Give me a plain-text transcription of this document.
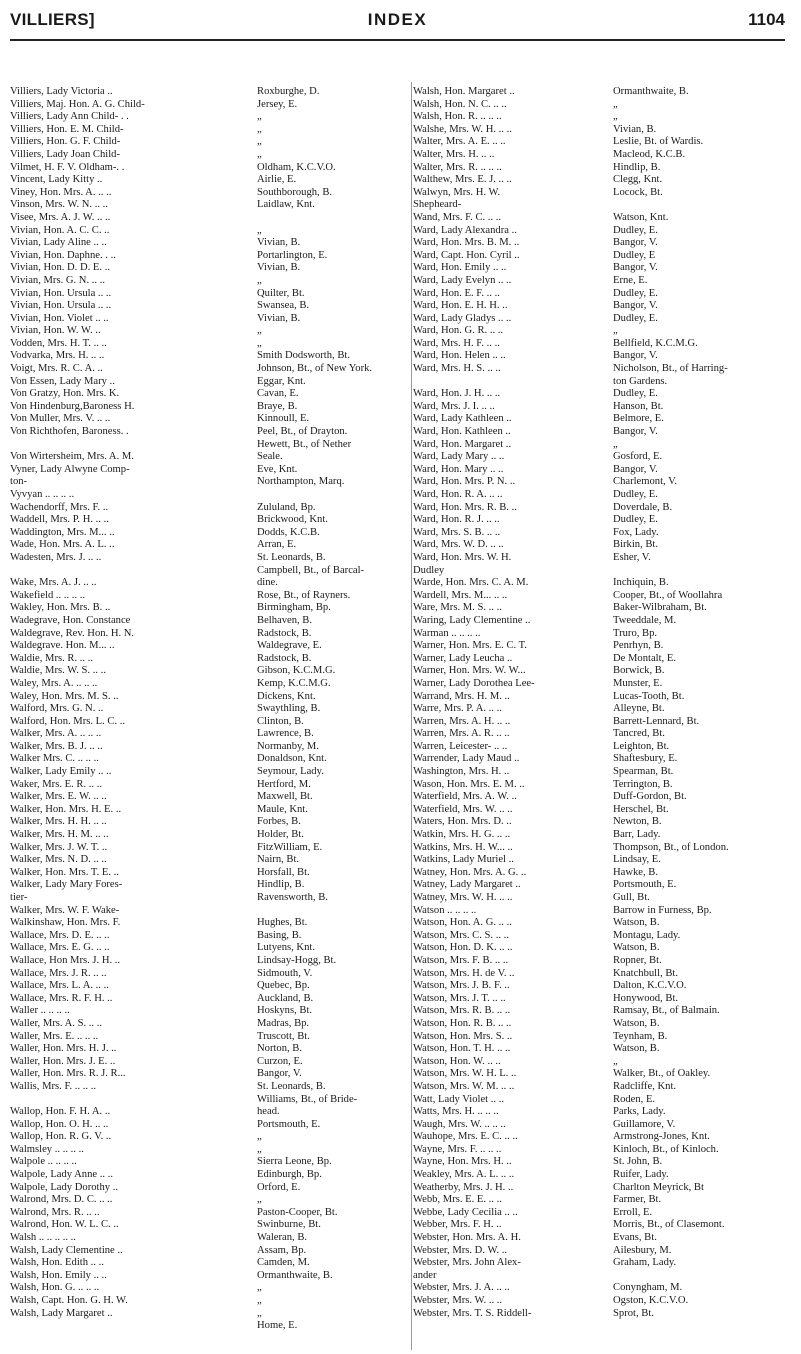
VILLIERS]	INDEX	1104
Villiers, Lady Victoria ..
Villiers, Maj. Hon. A. G. Child-
Villiers, Lady Ann Child- . .
Villiers, Hon. E. M. Child-
Villiers, Hon. G. F. Child-
Villiers, Lady Joan Child-
Vilmet, H. F. V. Oldham-. .
Vincent, Lady Kitty ..
Viney, Hon. Mrs. A. .. ..
Vinson, Mrs. W. N. .. ..
Visee, Mrs. A. J. W. .. ..
Vivian, Hon. A. C. C. ..
Vivian, Lady Aline .. ..
Vivian, Hon. Daphne. . ..
Vivian, Hon. D. D. E. ..
Vivian, Mrs. G. N. .. ..
Vivian, Hon. Ursula .. ..
Vivian, Hon. Ursula .. ..
Vivian, Hon. Violet .. ..
Vivian, Hon. W. W. ..
Vodden, Mrs. H. T. .. ..
Vodvarka, Mrs. H. .. ..
Voigt, Mrs. R. C. A. ..
Von Essen, Lady Mary ..
Von Gratzy, Hon. Mrs. K.
Von Hindenburg,Baroness H.
Von Muller, Mrs. V. .. ..
Von Richthofen, Baroness. .
Von Wirtersheim, Mrs. A. M.
Vyner, Lady Alwyne Comp-
ton-
Vyvyan .. .. .. ..
Wachendorff, Mrs. F. ..
Waddell, Mrs. P. H. .. ..
Waddington, Mrs. M... ..
Wade, Hon. Mrs. A. L. ..
Wadesten, Mrs. J. .. ..
Wake, Mrs. A. J. .. ..
Wakefield .. .. .. ..
Wakley, Hon. Mrs. B. ..
Wadegrave, Hon. Constance
Waldegrave, Rev. Hon. H. N.
Waldegrave. Hon. M... ..
Waldie, Mrs. R. .. ..
Waldie, Mrs. W. S. .. ..
Waley, Mrs. A. .. .. ..
Waley, Hon. Mrs. M. S. ..
Walford, Mrs. G. N. ..
Walford, Hon. Mrs. L. C. ..
Walker, Mrs. A. .. .. ..
Walker, Mrs. B. J. .. ..
Walker Mrs. C. .. .. ..
Walker, Lady Emily .. ..
Waker, Mrs. E. R. .. ..
Walker, Mrs. E. W. .. ..
Walker, Hon. Mrs. H. E. ..
Walker, Mrs. H. H. .. ..
Walker, Mrs. H. M. .. ..
Walker, Mrs. J. W. T. ..
Walker, Mrs. N. D. .. ..
Walker, Hon. Mrs. T. E. ..
Walker, Lady Mary Fores-
tier-
Walker, Mrs. W. F. Wake-
Walkinshaw, Hon. Mrs. F.
Wallace, Mrs. D. E. .. ..
Wallace, Mrs. E. G. .. ..
Wallace, Hon Mrs. J. H. ..
Wallace, Mrs. J. R. .. ..
Wallace, Mrs. L. A. .. ..
Wallace, Mrs. R. F. H. ..
Waller .. .. .. ..
Waller, Mrs. A. S. .. ..
Waller, Mrs. E. .. .. ..
Waller, Hon. Mrs. H. J. ..
Waller, Hon. Mrs. J. E. ..
Waller, Hon. Mrs. R. J. R...
Wallis, Mrs. F. .. .. ..
Wallop, Hon. F. H. A. ..
Wallop, Hon. O. H. .. ..
Wallop, Hon. R. G. V. ..
Walmsley .. .. .. ..
Walpole .. .. .. ..
Walpole, Lady Anne .. ..
Walpole, Lady Dorothy ..
Walrond, Mrs. D. C. .. ..
Walrond, Mrs. R. .. ..
Walrond, Hon. W. L. C. ..
Walsh .. .. .. .. ..
Walsh, Lady Clementine ..
Walsh, Hon. Edith .. ..
Walsh, Hon. Emily .. ..
Walsh, Hon. G. .. .. ..
Walsh, Capt. Hon. G. H. W.
Walsh, Lady Margaret ..
Roxburghe, D.
Jersey, E.
„
„
„
„
Oldham, K.C.V.O.
Airlie, E.
Southborough, B.
Laidlaw, Knt.
„
Vivian, B.
Portarlington, E.
Vivian, B.
„
Quilter, Bt.
Swansea, B.
Vivian, B.
„
„
Smith Dodsworth, Bt.
Johnson, Bt., of New York.
Eggar, Knt.
Cavan, E.
Braye, B.
Kinnoull, E.
Peel, Bt., of Drayton.
Hewett, Bt., of Nether
Seale.
Eve, Knt.
Northampton, Marq.
Zululand, Bp.
Brickwood, Knt.
Dodds, K.C.B.
Arran, E.
St. Leonards, B.
Campbell, Bt., of Barcal-
dine.
Rose, Bt., of Rayners.
Birmingham, Bp.
Belhaven, B.
Radstock, B.
Waldegrave, E.
Radstock, B.
Gibson, K.C.M.G.
Kemp, K.C.M.G.
Dickens, Knt.
Swaythling, B.
Clinton, B.
Lawrence, B.
Normanby, M.
Donaldson, Knt.
Seymour, Lady.
Hertford, M.
Maxwell, Bt.
Maule, Knt.
Forbes, B.
Holder, Bt.
FitzWilliam, E.
Nairn, Bt.
Horsfall, Bt.
Hindlip, B.
Ravensworth, B.
Hughes, Bt.
Basing, B.
Lutyens, Knt.
Lindsay-Hogg, Bt.
Sidmouth, V.
Quebec, Bp.
Auckland, B.
Hoskyns, Bt.
Madras, Bp.
Truscott, Bt.
Norton, B.
Curzon, E.
Bangor, V.
St. Leonards, B.
Williams, Bt., of Bride-
head.
Portsmouth, E.
„
„
Sierra Leone, Bp.
Edinburgh, Bp.
Orford, E.
„
Paston-Cooper, Bt.
Swinburne, Bt.
Waleran, B.
Assam, Bp.
Camden, M.
Ormanthwaite, B.
„
„
„
Home, E.
Walsh, Hon. Margaret ..
Walsh, Hon. N. C. .. ..
Walsh, Hon. R. .. .. ..
Walshe, Mrs. W. H. .. ..
Walter, Mrs. A. E. .. ..
Walter, Mrs. H. .. ..
Walter, Mrs. R. .. .. ..
Walthew, Mrs. E. J. .. ..
Walwyn, Mrs. H. W.
Shepheard-
Wand, Mrs. F. C. .. ..
Ward, Lady Alexandra ..
Ward, Hon. Mrs. B. M. ..
Ward, Capt. Hon. Cyril ..
Ward, Hon. Emily .. ..
Ward, Lady Evelyn .. ..
Ward, Hon. E. F. .. ..
Ward, Hon. E. H. H. ..
Ward, Lady Gladys .. ..
Ward, Hon. G. R. .. ..
Ward, Mrs. H. F. .. ..
Ward, Hon. Helen .. ..
Ward, Mrs. H. S. .. ..
Ward, Hon. J. H. .. ..
Ward, Mrs. J. I. .. ..
Ward, Lady Kathleen ..
Ward, Hon. Kathleen ..
Ward, Hon. Margaret ..
Ward, Lady Mary .. ..
Ward, Hon. Mary .. ..
Ward, Hon. Mrs. P. N. ..
Ward, Hon. R. A. .. ..
Ward, Hon. Mrs. R. B. ..
Ward, Hon. R. J. .. ..
Ward, Mrs. S. B. .. ..
Ward, Mrs. W. D. .. ..
Ward, Hon. Mrs. W. H.
Dudley
Warde, Hon. Mrs. C. A. M.
Wardell, Mrs. M... .. ..
Ware, Mrs. M. S. .. ..
Waring, Lady Clementine ..
Warman .. .. .. ..
Warner, Hon. Mrs. E. C. T.
Warner, Lady Leucha ..
Warner, Hon. Mrs. W. W...
Warner, Lady Dorothea Lee-
Warrand, Mrs. H. M. ..
Warre, Mrs. P. A. .. ..
Warren, Mrs. A. H. .. ..
Warren, Mrs. A. R. .. ..
Warren, Leicester- .. ..
Warrender, Lady Maud ..
Washington, Mrs. H. ..
Wason, Hon. Mrs. E. M. ..
Waterfield, Mrs. A. W. ..
Waterfield, Mrs. W. .. ..
Waters, Hon. Mrs. D. ..
Watkin, Mrs. H. G. .. ..
Watkins, Mrs. H. W... ..
Watkins, Lady Muriel ..
Watney, Hon. Mrs. A. G. ..
Watney, Lady Margaret ..
Watney, Mrs. W. H. .. ..
Watson .. .. .. ..
Watson, Hon. A. G. .. ..
Watson, Mrs. C. S. .. ..
Watson, Hon. D. K. .. ..
Watson, Mrs. F. B. .. ..
Watson, Mrs. H. de V. ..
Watson, Mrs. J. B. F. ..
Watson, Mrs. J. T. .. ..
Watson, Mrs. R. B. .. ..
Watson, Hon. R. B. .. ..
Watson, Hon. Mrs. S. ..
Watson, Hon. T. H. .. ..
Watson, Hon. W. .. ..
Watson, Mrs. W. H. L. ..
Watson, Mrs. W. M. .. ..
Watt, Lady Violet .. ..
Watts, Mrs. H. .. .. ..
Waugh, Mrs. W. .. .. ..
Wauhope, Mrs. E. C. .. ..
Wayne, Mrs. F. .. .. ..
Wayne, Hon. Mrs. H. ..
Weakley, Mrs. A. L. .. ..
Weatherby, Mrs. J. H. ..
Webb, Mrs. E. E. .. ..
Webbe, Lady Cecilia .. ..
Webber, Mrs. F. H. ..
Webster, Hon. Mrs. A. H.
Webster, Mrs. D. W. ..
Webster, Mrs. John Alex-
ander
Webster, Mrs. J. A. .. ..
Webster, Mrs. W. .. ..
Webster, Mrs. T. S. Riddell-
Ormanthwaite, B.
„
„
Vivian, B.
Leslie, Bt. of Wardis.
Macleod, K.C.B.
Hindlip, B.
Clegg, Knt.
Locock, Bt.
Watson, Knt.
Dudley, E.
Bangor, V.
Dudley, E
Bangor, V.
Erne, E.
Dudley, E.
Bangor, V.
Dudley, E.
„
Bellfield, K.C.M.G.
Bangor, V.
Nicholson, Bt., of Harring-
ton Gardens.
Dudley, E.
Hanson, Bt.
Belmore, E.
Bangor, V.
„
Gosford, E.
Bangor, V.
Charlemont, V.
Dudley, E.
Doverdale, B.
Dudley, E.
Fox, Lady.
Birkin, Bt.
Esher, V.
Inchiquin, B.
Cooper, Bt., of Woollahra
Baker-Wilbraham, Bt.
Tweeddale, M.
Truro, Bp.
Penrhyn, B.
De Montalt, E.
Borwick, B.
Munster, E.
Lucas-Tooth, Bt.
Alleyne, Bt.
Barrett-Lennard, Bt.
Tancred, Bt.
Leighton, Bt.
Shaftesbury, E.
Spearman, Bt.
Terrington, B.
Duff-Gordon, Bt.
Herschel, Bt.
Newton, B.
Barr, Lady.
Thompson, Bt., of London.
Lindsay, E.
Hawke, B.
Portsmouth, E.
Gull, Bt.
Barrow in Furness, Bp.
Watson, B.
Montagu, Lady.
Watson, B.
Ropner, Bt.
Knatchbull, Bt.
Dalton, K.C.V.O.
Honywood, Bt.
Ramsay, Bt., of Balmain.
Watson, B.
Teynham, B.
Watson, B.
„
Walker, Bt., of Oakley.
Radcliffe, Knt.
Roden, E.
Parks, Lady.
Guillamore, V.
Armstrong-Jones, Knt.
Kinloch, Bt., of Kinloch.
St. John, B.
Ruifer, Lady.
Charlton Meyrick, Bt
Farmer, Bt.
Erroll, E.
Morris, Bt., of Clasemont.
Evans, Bt.
Ailesbury, M.
Graham, Lady.
Conyngham, M.
Ogston, K.C.V.O.
Sprot, Bt.
